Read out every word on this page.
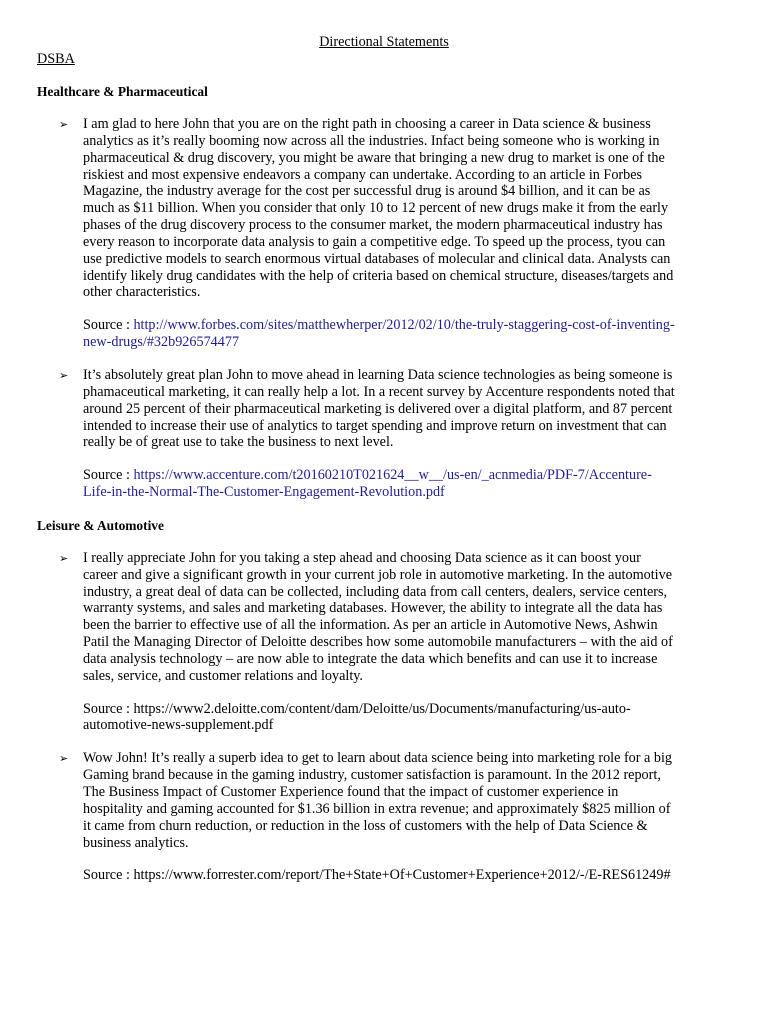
Directional Statements

DSBA

Healthcare & Pharmaceutical

➢ I am glad to here John that you are on the right path in choosing a career in Data science & business
analytics as it’s really booming now across all the industries. Infact being someone who is working in
pharmaceutical & drug discovery, you might be aware that bringing a new drug to market is one of the
riskiest and most expensive endeavors a company can undertake. According to an article in Forbes
Magazine, the industry average for the cost per successful drug is around $4 billion, and it can be as
much as $11 billion. When you consider that only 10 to 12 percent of new drugs make it from the early
phases of the drug discovery process to the consumer market, the modern pharmaceutical industry has
every reason to incorporate data analysis to gain a competitive edge. To speed up the process, tyou can
use predictive models to search enormous virtual databases of molecular and clinical data. Analysts can
identify likely drug candidates with the help of criteria based on chemical structure, diseases/targets and
other characteristics.

Source : http://www.forbes.com/sites/matthewherper/2012/02/10/the-truly-staggering-cost-of-inventing-
new-drugs/#32b926574477

➢ It’s absolutely great plan John to move ahead in learning Data science technologies as being someone is
phamaceutical marketing, it can really help a lot. In a recent survey by Accenture respondents noted that
around 25 percent of their pharmaceutical marketing is delivered over a digital platform, and 87 percent
intended to increase their use of analytics to target spending and improve return on investment that can
really be of great use to take the business to next level.

Source : https://www.accenture.com/t20160210T021624__w__/us-en/_acnmedia/PDF-7/Accenture-
Life-in-the-Normal-The-Customer-Engagement-Revolution.pdf

Leisure & Automotive

➢ I really appreciate John for you taking a step ahead and choosing Data science as it can boost your
career and give a significant growth in your current job role in automotive marketing. In the automotive
industry, a great deal of data can be collected, including data from call centers, dealers, service centers,
warranty systems, and sales and marketing databases. However, the ability to integrate all the data has
been the barrier to effective use of all the information. As per an article in Automotive News, Ashwin
Patil the Managing Director of Deloitte describes how some automobile manufacturers – with the aid of
data analysis technology – are now able to integrate the data which benefits and can use it to increase
sales, service, and customer relations and loyalty.

Source : https://www2.deloitte.com/content/dam/Deloitte/us/Documents/manufacturing/us-auto-
automotive-news-supplement.pdf

➢ Wow John! It’s really a superb idea to get to learn about data science being into marketing role for a big
Gaming brand because in the gaming industry, customer satisfaction is paramount. In the 2012 report,
The Business Impact of Customer Experience found that the impact of customer experience in
hospitality and gaming accounted for $1.36 billion in extra revenue; and approximately $825 million of
it came from churn reduction, or reduction in the loss of customers with the help of Data Science &
business analytics.

Source : https://www.forrester.com/report/The+State+Of+Customer+Experience+2012/-/E-RES61249#
